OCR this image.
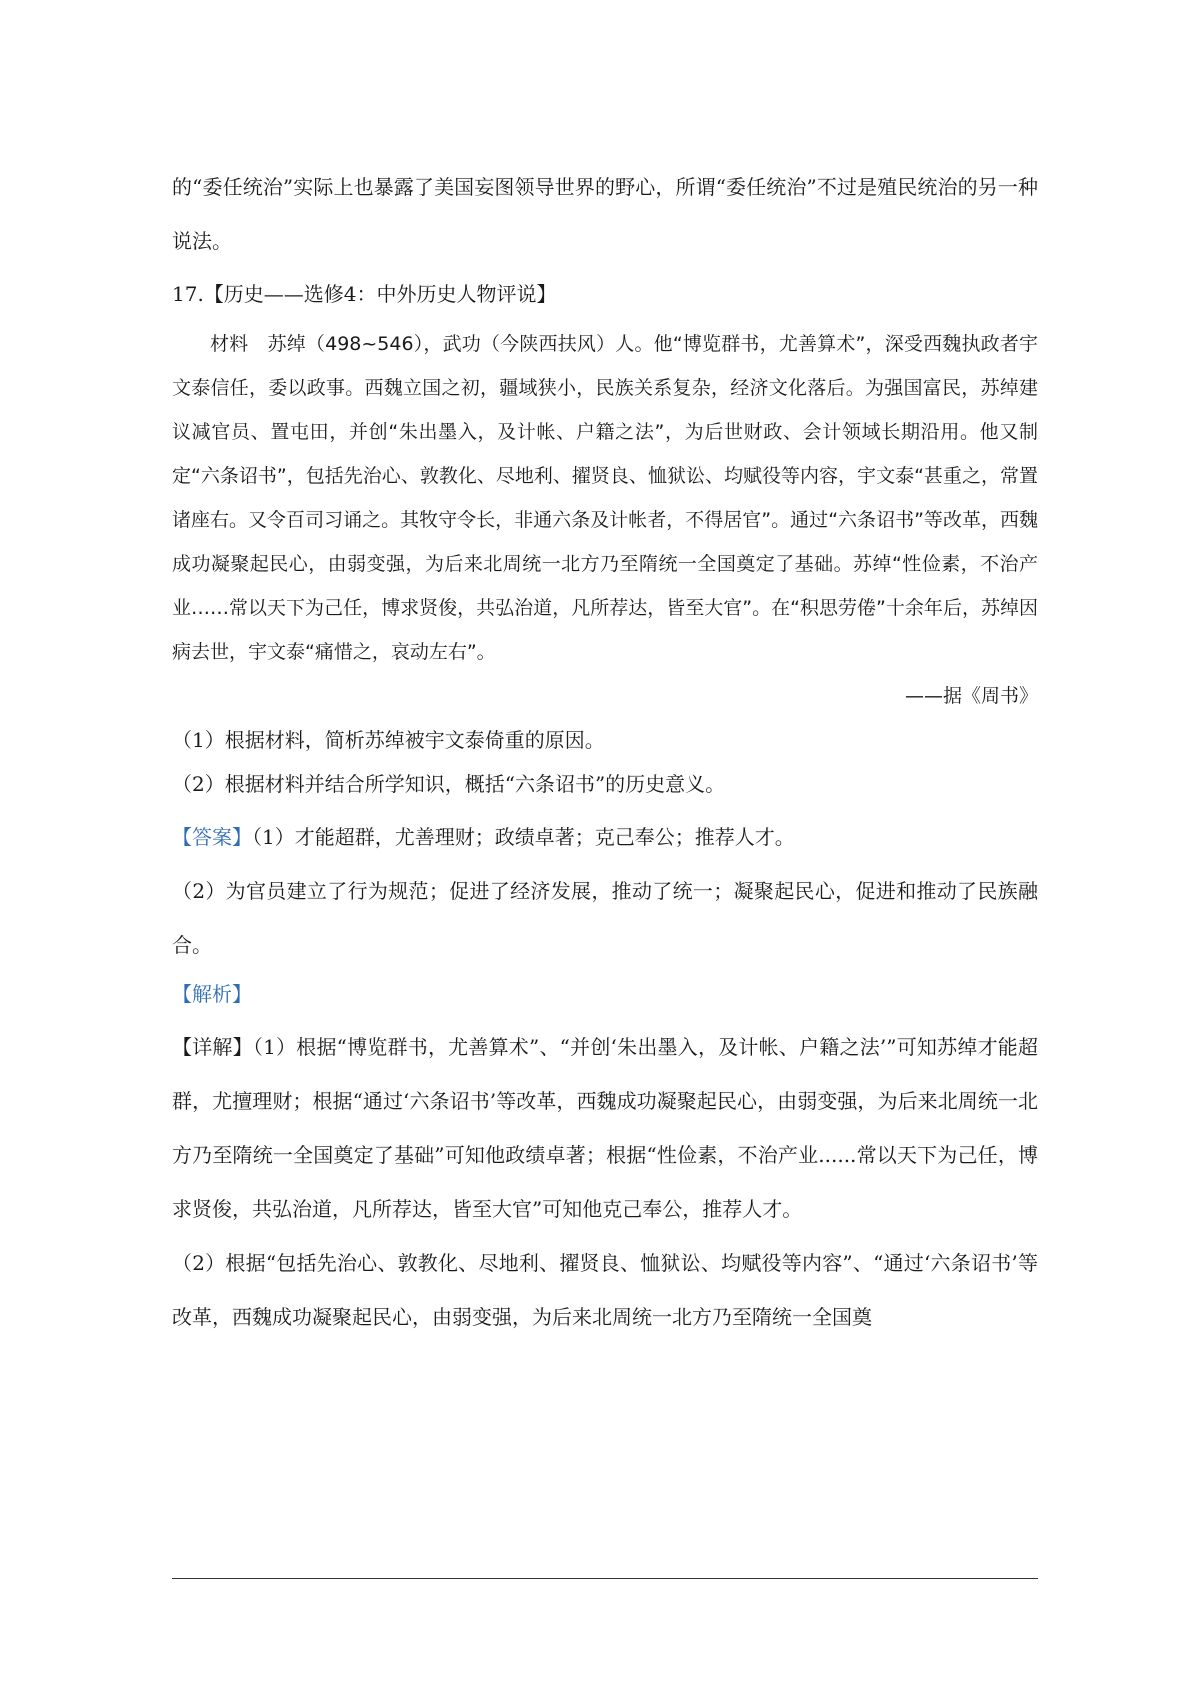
的“委任统治”实际上也暴露了美国妄图领导世界的野心，所谓“委任统治”不过是殖民统治的另一种说法。

17.【历史——选修4：中外历史人物评说】

材料　苏绰（498~546），武功（今陕西扶风）人。他“博览群书，尤善算术”，深受西魏执政者宇文泰信任，委以政事。西魏立国之初，疆域狭小，民族关系复杂，经济文化落后。为强国富民，苏绰建议减官员、置屯田，并创“朱出墨入，及计帐、户籍之法”，为后世财政、会计领域长期沿用。他又制定“六条诏书”，包括先治心、敦教化、尽地利、擢贤良、恤狱讼、均赋役等内容，宇文泰“甚重之，常置诸座右。又令百司习诵之。其牧守令长，非通六条及计帐者，不得居官”。通过“六条诏书”等改革，西魏成功凝聚起民心，由弱变强，为后来北周统一北方乃至隋统一全国奠定了基础。苏绰“性俭素，不治产业……常以天下为己任，博求贤俊，共弘治道，凡所荐达，皆至大官”。在“积思劳倦”十余年后，苏绰因病去世，宇文泰“痛惜之，哀动左右”。

——据《周书》

（1）根据材料，简析苏绰被宇文泰倚重的原因。

（2）根据材料并结合所学知识，概括“六条诏书”的历史意义。

【答案】（1）才能超群，尤善理财；政绩卓著；克己奉公；推荐人才。

（2）为官员建立了行为规范；促进了经济发展，推动了统一；凝聚起民心，促进和推动了民族融合。

【解析】

【详解】（1）根据“博览群书，尤善算术”、“并创‘朱出墨入，及计帐、户籍之法’”可知苏绰才能超群，尤擅理财；根据“通过‘六条诏书’等改革，西魏成功凝聚起民心，由弱变强，为后来北周统一北方乃至隋统一全国奠定了基础”可知他政绩卓著；根据“性俭素，不治产业......常以天下为己任，博求贤俊，共弘治道，凡所荐达，皆至大官”可知他克己奉公，推荐人才。

（2）根据“包括先治心、敦教化、尽地利、擢贤良、恤狱讼、均赋役等内容”、“通过‘六条诏书’等改革，西魏成功凝聚起民心，由弱变强，为后来北周统一北方乃至隋统一全国奠
